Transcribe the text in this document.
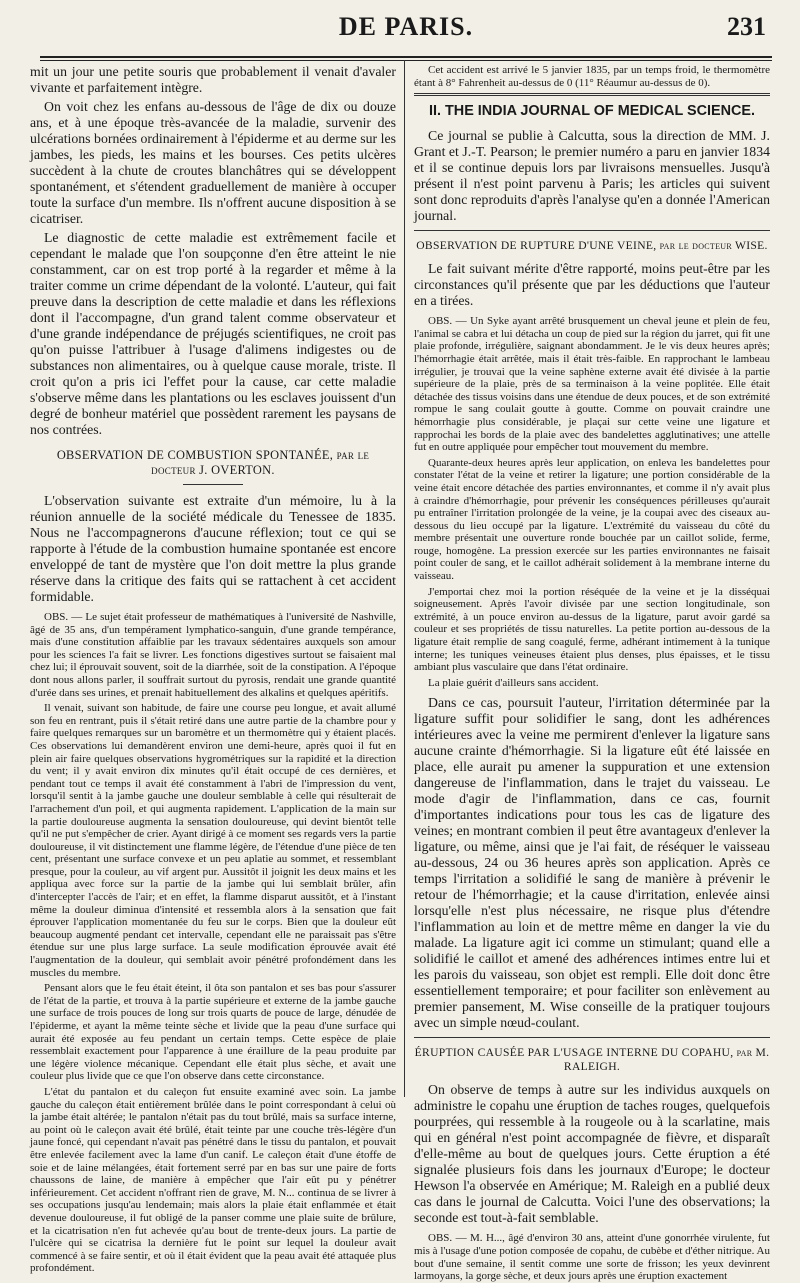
DE PARIS.	231

mit un jour une petite souris que probablement il venait d'avaler vivante et parfaitement intègre.

On voit chez les enfans au-dessous de l'âge de dix ou douze ans, et à une époque très-avancée de la maladie, survenir des ulcérations bornées ordinairement à l'épiderme et au derme sur les jambes, les pieds, les mains et les bourses. Ces petits ulcères succèdent à la chute de croutes blanchâtres qui se développent spontanément, et s'étendent graduellement de manière à occuper toute la surface d'un membre. Ils n'offrent aucune disposition à se cicatriser.

Le diagnostic de cette maladie est extrêmement facile et cependant le malade que l'on soupçonne d'en être atteint le nie constamment, car on est trop porté à la regarder et même à la traiter comme un crime dépendant de la volonté. L'auteur, qui fait preuve dans la description de cette maladie et dans les réflexions dont il l'accompagne, d'un grand talent comme observateur et d'une grande indépendance de préjugés scientifiques, ne croit pas qu'on puisse l'attribuer à l'usage d'alimens indigestes ou de substances non alimentaires, ou à quelque cause morale, triste. Il croit qu'on a pris ici l'effet pour la cause, car cette maladie s'observe même dans les plantations ou les esclaves jouissent d'un degré de bonheur matériel que possèdent rarement les paysans de nos contrées.

OBSERVATION DE COMBUSTION SPONTANÉE, par le docteur J. OVERTON.

L'observation suivante est extraite d'un mémoire, lu à la réunion annuelle de la société médicale du Tenessee de 1835. Nous ne l'accompagnerons d'aucune réflexion; tout ce qui se rapporte à l'étude de la combustion humaine spontanée est encore enveloppé de tant de mystère que l'on doit mettre la plus grande réserve dans la critique des faits qui se rattachent à cet accident formidable.

OBS. — Le sujet était professeur de mathématiques à l'université de Nashville, âgé de 35 ans, d'un tempérament lymphatico-sanguin, d'une grande tempérance, mais d'une constitution affaiblie par les travaux sédentaires auxquels son amour pour les sciences l'a fait se livrer. Les fonctions digestives surtout se faisaient mal chez lui; il éprouvait souvent, soit de la diarrhée, soit de la constipation. A l'époque dont nous allons parler, il souffrait surtout du pyrosis, rendait une grande quantité d'urée dans ses urines, et prenait habituellement des alkalins et quelques apéritifs.

Il venait, suivant son habitude, de faire une course peu longue, et avait allumé son feu en rentrant, puis il s'était retiré dans une autre partie de la chambre pour y faire quelques remarques sur un baromètre et un thermomètre qui y étaient placés. Ces observations lui demandèrent environ une demi-heure, après quoi il fut en plein air faire quelques observations hygrométriques sur la rapidité et la direction du vent; il y avait environ dix minutes qu'il était occupé de ces dernières, et pendant tout ce temps il avait été constamment à l'abri de l'impression du vent, lorsqu'il sentit à la jambe gauche une douleur semblable à celle qui résulterait de l'arrachement d'un poil, et qui augmenta rapidement. L'application de la main sur la partie douloureuse augmenta la sensation douloureuse, qui devint bientôt telle qu'il ne put s'empêcher de crier. Ayant dirigé à ce moment ses regards vers la partie douloureuse, il vit distinctement une flamme légère, de l'étendue d'une pièce de ten cent, présentant une surface convexe et un peu aplatie au sommet, et ressemblant presque, pour la couleur, au vif argent pur. Aussitôt il joignit les deux mains et les appliqua avec force sur la partie de la jambe qui lui semblait brûler, afin d'intercepter l'accès de l'air; et en effet, la flamme disparut aussitôt, et à l'instant même la douleur diminua d'intensité et ressembla alors à la sensation que fait éprouver l'application momentanée du feu sur le corps. Bien que la douleur eût beaucoup augmenté pendant cet intervalle, cependant elle ne paraissait pas s'être étendue sur une plus large surface. La seule modification éprouvée avait été l'augmentation de la douleur, qui semblait avoir pénétré profondément dans les muscles du membre.

Pensant alors que le feu était éteint, il ôta son pantalon et ses bas pour s'assurer de l'état de la partie, et trouva à la partie supérieure et externe de la jambe gauche une surface de trois pouces de long sur trois quarts de pouce de large, dénudée de l'épiderme, et ayant la même teinte sèche et livide que la peau d'une surface qui aurait été exposée au feu pendant un certain temps. Cette espèce de plaie ressemblait exactement pour l'apparence à une éraillure de la peau produite par une légère violence mécanique. Cependant elle était plus sèche, et avait une couleur plus livide que ce que l'on observe dans cette circonstance.

L'état du pantalon et du caleçon fut ensuite examiné avec soin. La jambe gauche du caleçon était entièrement brûlée dans le point correspondant à celui où la jambe était altérée; le pantalon n'était pas du tout brûlé, mais sa surface interne, au point où le caleçon avait été brûlé, était teinte par une couche très-légère d'un jaune foncé, qui cependant n'avait pas pénétré dans le tissu du pantalon, et pouvait être enlevée facilement avec la lame d'un canif. Le caleçon était d'une étoffe de soie et de laine mélangées, était fortement serré par en bas sur une paire de forts chaussons de laine, de manière à empêcher que l'air eût pu y pénétrer inférieurement. Cet accident n'offrant rien de grave, M. N... continua de se livrer à ses occupations jusqu'au lendemain; mais alors la plaie était enflammée et était devenue douloureuse, il fut obligé de la panser comme une plaie suite de brûlure, et la cicatrisation n'en fut achevée qu'au bout de trente-deux jours. La partie de l'ulcère qui se cicatrisa la dernière fut le point sur lequel la douleur avait commencé à se faire sentir, et où il était évident que la peau avait été attaquée plus profondément.

Cet accident est arrivé le 5 janvier 1835, par un temps froid, le thermomètre étant à 8° Fahrenheit au-dessus de 0 (11° Réaumur au-dessus de 0).

II. THE INDIA JOURNAL OF MEDICAL SCIENCE.

Ce journal se publie à Calcutta, sous la direction de MM. J. Grant et J.-T. Pearson; le premier numéro a paru en janvier 1834 et il se continue depuis lors par livraisons mensuelles. Jusqu'à présent il n'est point parvenu à Paris; les articles qui suivent sont donc reproduits d'après l'analyse qu'en a donnée l'American journal.

OBSERVATION DE RUPTURE D'UNE VEINE, par le docteur WISE.

Le fait suivant mérite d'être rapporté, moins peut-être par les circonstances qu'il présente que par les déductions que l'auteur en a tirées.

OBS. — Un Syke ayant arrêté brusquement un cheval jeune et plein de feu, l'animal se cabra et lui détacha un coup de pied sur la région du jarret, qui fit une plaie profonde, irrégulière, saignant abondamment. Je le vis deux heures après; l'hémorrhagie était arrêtée, mais il était très-faible. En rapprochant le lambeau irrégulier, je trouvai que la veine saphène externe avait été divisée à la partie supérieure de la plaie, près de sa terminaison à la veine poplitée. Elle était détachée des tissus voisins dans une étendue de deux pouces, et de son extrémité rompue le sang coulait goutte à goutte. Comme on pouvait craindre une hémorrhagie plus considérable, je plaçai sur cette veine une ligature et rapprochai les bords de la plaie avec des bandelettes agglutinatives; une attelle fut en outre appliquée pour empêcher tout mouvement du membre.

Quarante-deux heures après leur application, on enleva les bandelettes pour constater l'état de la veine et retirer la ligature; une portion considérable de la veine était encore détachée des parties environnantes, et comme il n'y avait plus à craindre d'hémorrhagie, pour prévenir les conséquences périlleuses qu'aurait pu entraîner l'irritation prolongée de la veine, je la coupai avec des ciseaux au-dessous du lieu occupé par la ligature. L'extrémité du vaisseau du côté du membre présentait une ouverture ronde bouchée par un caillot solide, ferme, rouge, homogène. La pression exercée sur les parties environnantes ne faisait point couler de sang, et le caillot adhérait solidement à la membrane interne du vaisseau.

J'emportai chez moi la portion réséquée de la veine et je la disséquai soigneusement. Après l'avoir divisée par une section longitudinale, son extrémité, à un pouce environ au-dessus de la ligature, parut avoir gardé sa couleur et ses propriétés de tissu naturelles. La petite portion au-dessous de la ligature était remplie de sang coagulé, ferme, adhérant intimement à la tunique interne; les tuniques veineuses étaient plus denses, plus épaisses, et le tissu ambiant plus vasculaire que dans l'état ordinaire.

La plaie guérit d'ailleurs sans accident.

Dans ce cas, poursuit l'auteur, l'irritation déterminée par la ligature suffit pour solidifier le sang, dont les adhérences intérieures avec la veine me permirent d'enlever la ligature sans aucune crainte d'hémorrhagie. Si la ligature eût été laissée en place, elle aurait pu amener la suppuration et une extension dangereuse de l'inflammation, dans le trajet du vaisseau. Le mode d'agir de l'inflammation, dans ce cas, fournit d'importantes indications pour tous les cas de ligature des veines; en montrant combien il peut être avantageux d'enlever la ligature, ou même, ainsi que je l'ai fait, de réséquer le vaisseau au-dessous, 24 ou 36 heures après son application. Après ce temps l'irritation a solidifié le sang de manière à prévenir le retour de l'hémorrhagie; et la cause d'irritation, enlevée ainsi lorsqu'elle n'est plus nécessaire, ne risque plus d'étendre l'inflammation au loin et de mettre même en danger la vie du malade. La ligature agit ici comme un stimulant; quand elle a solidifié le caillot et amené des adhérences intimes entre lui et les parois du vaisseau, son objet est rempli. Elle doit donc être essentiellement temporaire; et pour faciliter son enlèvement au premier pansement, M. Wise conseille de la pratiquer toujours avec un simple nœud-coulant.

ÉRUPTION CAUSÉE PAR L'USAGE INTERNE DU COPAHU, par M. RALEIGH.

On observe de temps à autre sur les individus auxquels on administre le copahu une éruption de taches rouges, quelquefois pourprées, qui ressemble à la rougeole ou à la scarlatine, mais qui en général n'est point accompagnée de fièvre, et disparaît d'elle-même au bout de quelques jours. Cette éruption a été signalée plusieurs fois dans les journaux d'Europe; le docteur Hewson l'a observée en Amérique; M. Raleigh en a publié deux cas dans le journal de Calcutta. Voici l'une des observations; la seconde est tout-à-fait semblable.

OBS. — M. H..., âgé d'environ 30 ans, atteint d'une gonorrhée virulente, fut mis à l'usage d'une potion composée de copahu, de cubèbe et d'éther nitrique. Au bout d'une semaine, il sentit comme une sorte de frisson; les yeux devinrent larmoyans, la gorge sèche, et deux jours après une éruption exactement
